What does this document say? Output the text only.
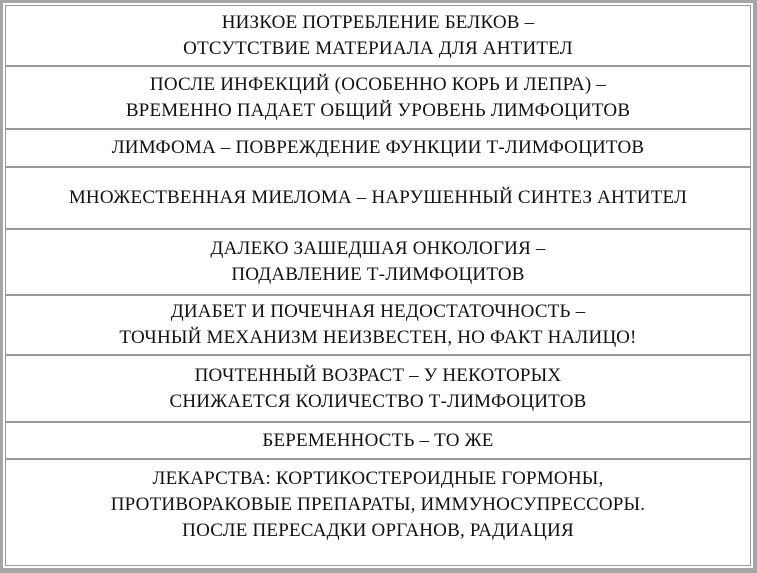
НИЗКОЕ ПОТРЕБЛЕНИЕ БЕЛКОВ –
ОТСУТСТВИЕ МАТЕРИАЛА ДЛЯ АНТИТЕЛ
ПОСЛЕ ИНФЕКЦИЙ (ОСОБЕННО КОРЬ И ЛЕПРА) –
ВРЕМЕННО ПАДАЕТ ОБЩИЙ УРОВЕНЬ ЛИМФОЦИТОВ
ЛИМФОМА – ПОВРЕЖДЕНИЕ ФУНКЦИИ Т-ЛИМФОЦИТОВ
МНОЖЕСТВЕННАЯ МИЕЛОМА – НАРУШЕННЫЙ СИНТЕЗ АНТИТЕЛ
ДАЛЕКО ЗАШЕДШАЯ ОНКОЛОГИЯ –
ПОДАВЛЕНИЕ Т-ЛИМФОЦИТОВ
ДИАБЕТ И ПОЧЕЧНАЯ НЕДОСТАТОЧНОСТЬ –
ТОЧНЫЙ МЕХАНИЗМ НЕИЗВЕСТЕН, НО ФАКТ НАЛИЦО!
ПОЧТЕННЫЙ ВОЗРАСТ – У НЕКОТОРЫХ
СНИЖАЕТСЯ КОЛИЧЕСТВО Т-ЛИМФОЦИТОВ
БЕРЕМЕННОСТЬ – ТО ЖЕ
ЛЕКАРСТВА: КОРТИКОСТЕРОИДНЫЕ ГОРМОНЫ,
ПРОТИВОРАКОВЫЕ ПРЕПАРАТЫ, ИММУНОСУПРЕССОРЫ.
ПОСЛЕ ПЕРЕСАДКИ ОРГАНОВ, РАДИАЦИЯ
